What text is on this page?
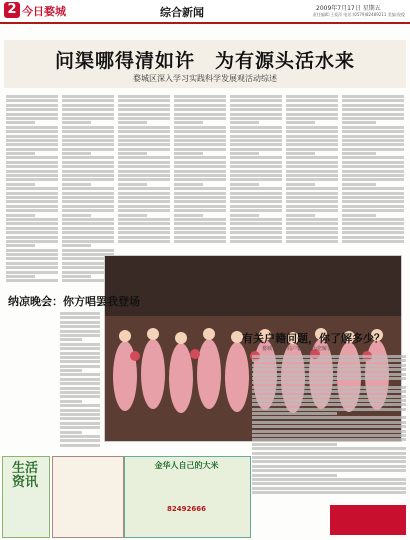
2 今日婺城	综合新闻	2009年7月17日 星期五
责任编辑:王爱萍 电话:(0579)82489211 美编:倪俊
问渠哪得清如许　为有源头活水来
婺城区深入学习实践科学发展观活动综述
纳凉晚会：你方唱罢我登场
有关户籍问题，你了解多少？
婺城公安分局户籍民警为您解答
生活资讯
金华人自己的大米
82492666
